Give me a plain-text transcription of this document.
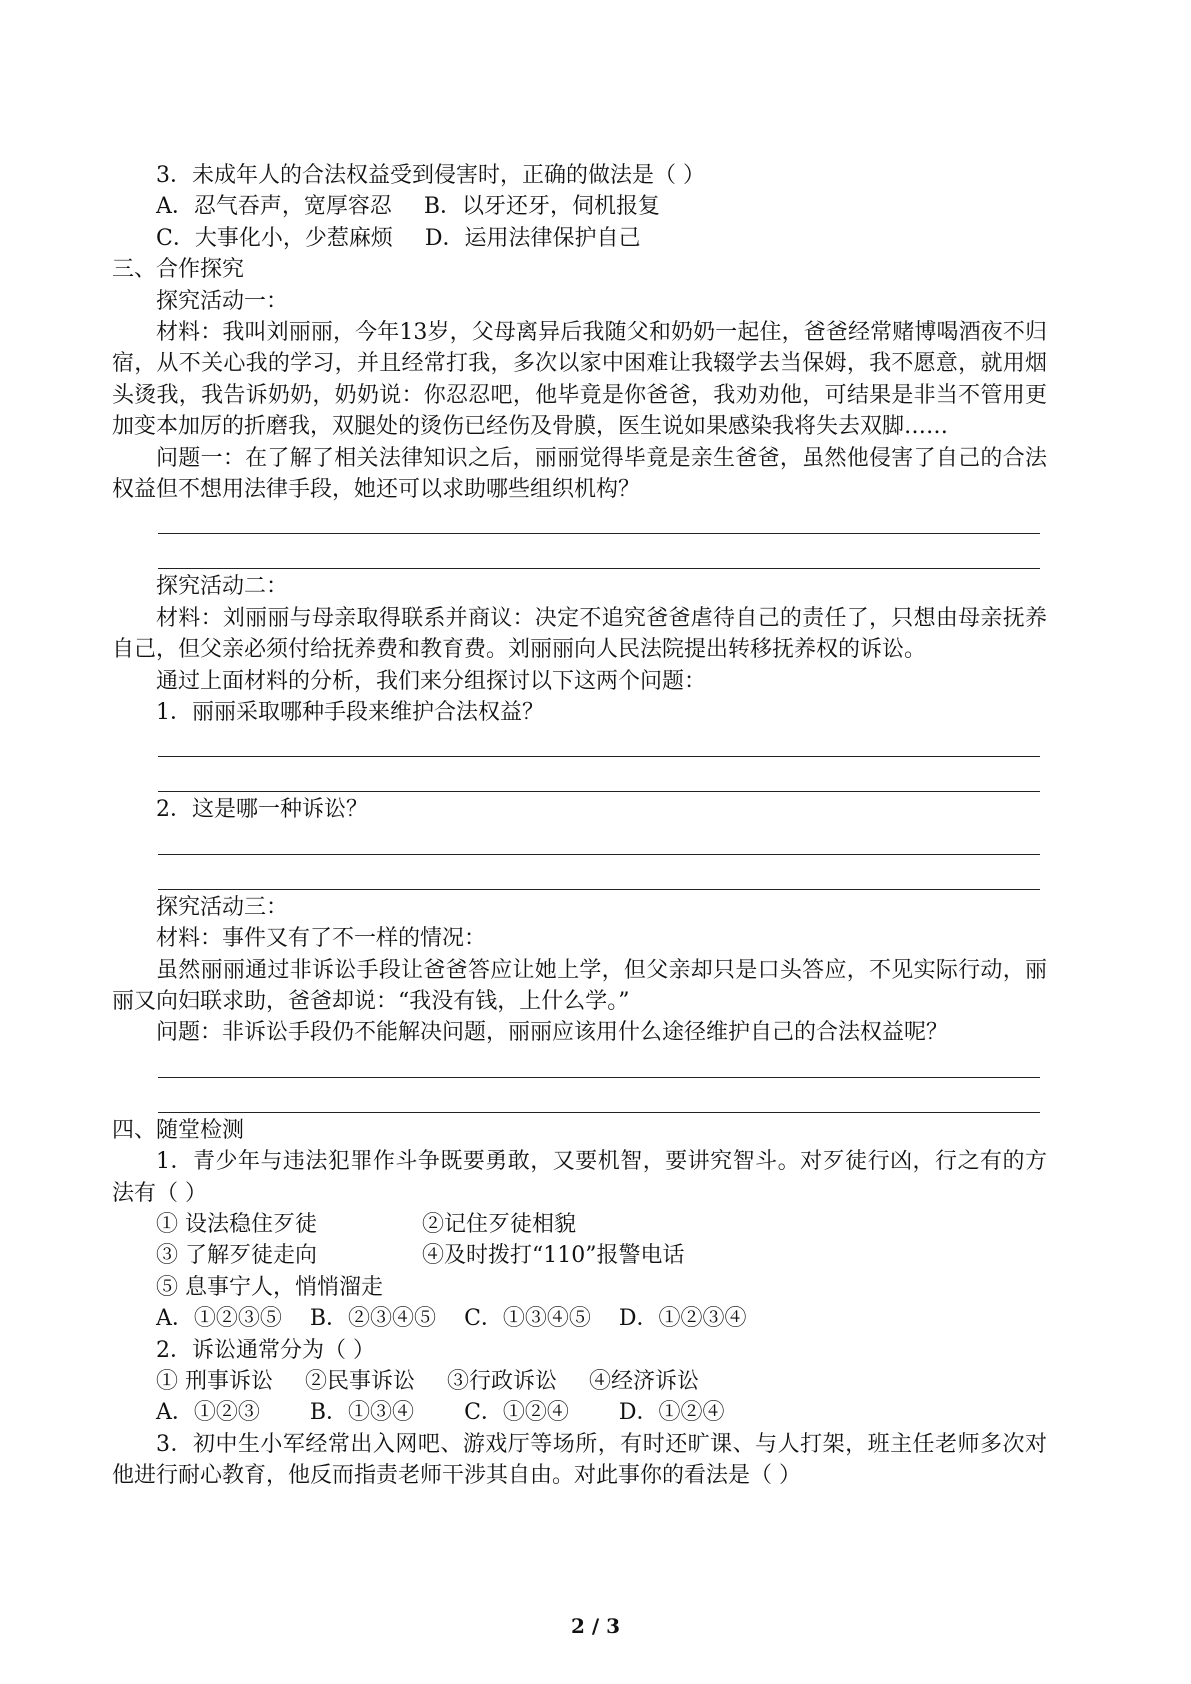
3．未成年人的合法权益受到侵害时，正确的做法是（ ）
A．忍气吞声，宽厚容忍 B．以牙还牙，伺机报复
C．大事化小，少惹麻烦 D．运用法律保护自己
三、合作探究
探究活动一：
材料：我叫刘丽丽，今年13岁，父母离异后我随父和奶奶一起住，爸爸经常赌博喝酒夜不归宿，从不关心我的学习，并且经常打我，多次以家中困难让我辍学去当保姆，我不愿意，就用烟头烫我，我告诉奶奶，奶奶说：你忍忍吧，他毕竟是你爸爸，我劝劝他，可结果是非当不管用更加变本加厉的折磨我，双腿处的烫伤已经伤及骨膜，医生说如果感染我将失去双脚……
问题一：在了解了相关法律知识之后，丽丽觉得毕竟是亲生爸爸，虽然他侵害了自己的合法权益但不想用法律手段，她还可以求助哪些组织机构？
探究活动二：
材料：刘丽丽与母亲取得联系并商议：决定不追究爸爸虐待自己的责任了，只想由母亲抚养自己，但父亲必须付给抚养费和教育费。刘丽丽向人民法院提出转移抚养权的诉讼。
通过上面材料的分析，我们来分组探讨以下这两个问题：
1．丽丽采取哪种手段来维护合法权益？
2．这是哪一种诉讼？
探究活动三：
材料：事件又有了不一样的情况：
虽然丽丽通过非诉讼手段让爸爸答应让她上学，但父亲却只是口头答应，不见实际行动，丽丽又向妇联求助，爸爸却说：“我没有钱，上什么学。”
问题：非诉讼手段仍不能解决问题，丽丽应该用什么途径维护自己的合法权益呢？
四、随堂检测
1．青少年与违法犯罪作斗争既要勇敢，又要机智，要讲究智斗。对歹徒行凶，行之有的方法有（ ）
① 设法稳住歹徒	②记住歹徒相貌
③ 了解歹徒走向	④及时拨打“110”报警电话
⑤ 息事宁人，悄悄溜走
A．①②③⑤ B．②③④⑤ C．①③④⑤ D．①②③④
2．诉讼通常分为（ ）
① 刑事诉讼 ②民事诉讼 ③行政诉讼 ④经济诉讼
A．①②③ B．①③④ C．①②④ D．①②④
3．初中生小军经常出入网吧、游戏厅等场所，有时还旷课、与人打架，班主任老师多次对他进行耐心教育，他反而指责老师干涉其自由。对此事你的看法是（ ）
2 / 3
